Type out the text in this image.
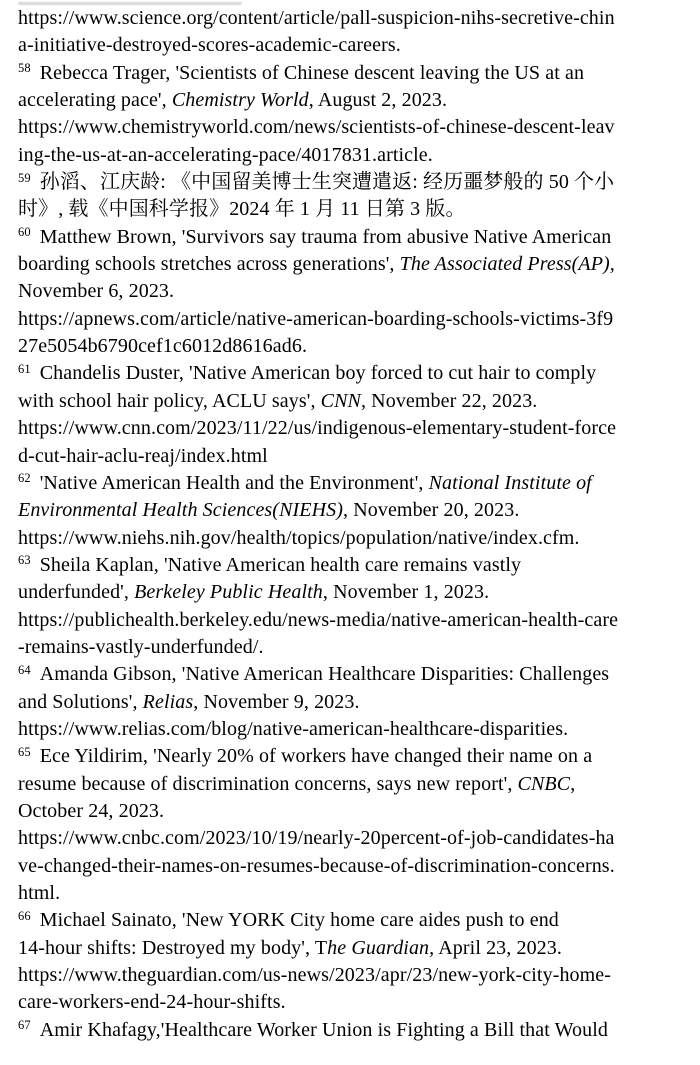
https://www.science.org/content/article/pall-suspicion-nihs-secretive-chin
a-initiative-destroyed-scores-academic-careers.
$^{58}$ Rebecca Trager, 'Scientists of Chinese descent leaving the US at an
accelerating pace', Chemistry World, August 2, 2023.
https://www.chemistryworld.com/news/scientists-of-chinese-descent-leav
ing-the-us-at-an-accelerating-pace/4017831.article.
$^{59}$ 孙滔、江庆龄: 《中国留美博士生突遭遣返: 经历噩梦般的 50 个小
时》, 载《中国科学报》2024 年 1 月 11 日第 3 版。
$^{60}$ Matthew Brown, 'Survivors say trauma from abusive Native American
boarding schools stretches across generations', The Associated Press(AP),
November 6, 2023.
https://apnews.com/article/native-american-boarding-schools-victims-3f9
27e5054b6790cef1c6012d8616ad6.
$^{61}$ Chandelis Duster, 'Native American boy forced to cut hair to comply
with school hair policy, ACLU says', CNN, November 22, 2023.
https://www.cnn.com/2023/11/22/us/indigenous-elementary-student-force
d-cut-hair-aclu-reaj/index.html
$^{62}$ 'Native American Health and the Environment', National Institute of
Environmental Health Sciences(NIEHS), November 20, 2023.
https://www.niehs.nih.gov/health/topics/population/native/index.cfm.
$^{63}$ Sheila Kaplan, 'Native American health care remains vastly
underfunded', Berkeley Public Health, November 1, 2023.
https://publichealth.berkeley.edu/news-media/native-american-health-care
-remains-vastly-underfunded/.
$^{64}$ Amanda Gibson, 'Native American Healthcare Disparities: Challenges
and Solutions', Relias, November 9, 2023.
https://www.relias.com/blog/native-american-healthcare-disparities.
$^{65}$ Ece Yildirim, 'Nearly 20% of workers have changed their name on a
resume because of discrimination concerns, says new report', CNBC,
October 24, 2023.
https://www.cnbc.com/2023/10/19/nearly-20percent-of-job-candidates-ha
ve-changed-their-names-on-resumes-because-of-discrimination-concerns.
html.
$^{66}$ Michael Sainato, 'New YORK City home care aides push to end
14-hour shifts: Destroyed my body', The Guardian, April 23, 2023.
https://www.theguardian.com/us-news/2023/apr/23/new-york-city-home-
care-workers-end-24-hour-shifts.
$^{67}$ Amir Khafagy,'Healthcare Worker Union is Fighting a Bill that Would
